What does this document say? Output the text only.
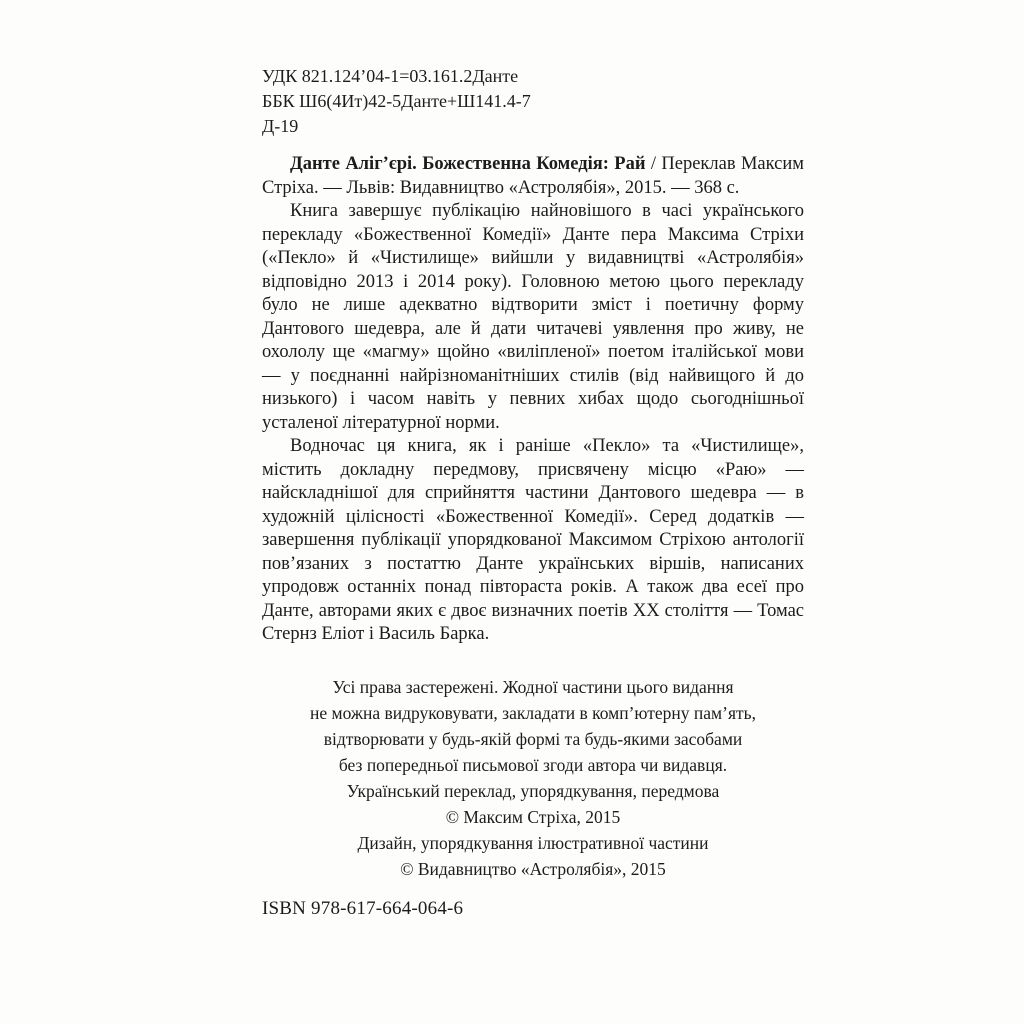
УДК 821.124’04-1=03.161.2Данте
ББК Ш6(4Ит)42-5Данте+Ш141.4-7
Д-19

Данте Аліг’єрі. Божественна Комедія: Рай / Переклав Максим Стріха. — Львів: Видавництво «Астролябія», 2015. — 368 с.

Книга завершує публікацію найновішого в часі українського перекладу «Божественної Комедії» Данте пера Максима Стріхи («Пекло» й «Чистилище» вийшли у видавництві «Астролябія» відповідно 2013 і 2014 року). Головною метою цього перекладу було не лише адекватно відтворити зміст і поетичну форму Дантового шедевра, але й дати читачеві уявлення про живу, не охололу ще «магму» щойно «виліпленої» поетом італійської мови — у поєднанні найрізноманітніших стилів (від найвищого й до низького) і часом навіть у певних хибах щодо сьогоднішньої усталеної літературної норми.

Водночас ця книга, як і раніше «Пекло» та «Чистилище», містить докладну передмову, присвячену місцю «Раю» — найскладнішої для сприйняття частини Дантового шедевра — в художній цілісності «Божественної Комедії». Серед додатків — завершення публікації упорядкованої Максимом Стріхою антології пов’язаних з постаттю Данте українських віршів, написаних упродовж останніх понад півтораста років. А також два есеї про Данте, авторами яких є двоє визначних поетів XX століття — Томас Стернз Еліот і Василь Барка.

Усі права застережені. Жодної частини цього видання
не можна видруковувати, закладати в комп’ютерну пам’ять,
відтворювати у будь-якій формі та будь-якими засобами
без попередньої письмової згоди автора чи видавця.
Український переклад, упорядкування, передмова
© Максим Стріха, 2015
Дизайн, упорядкування ілюстративної частини
© Видавництво «Астролябія», 2015
ISBN 978-617-664-064-6
